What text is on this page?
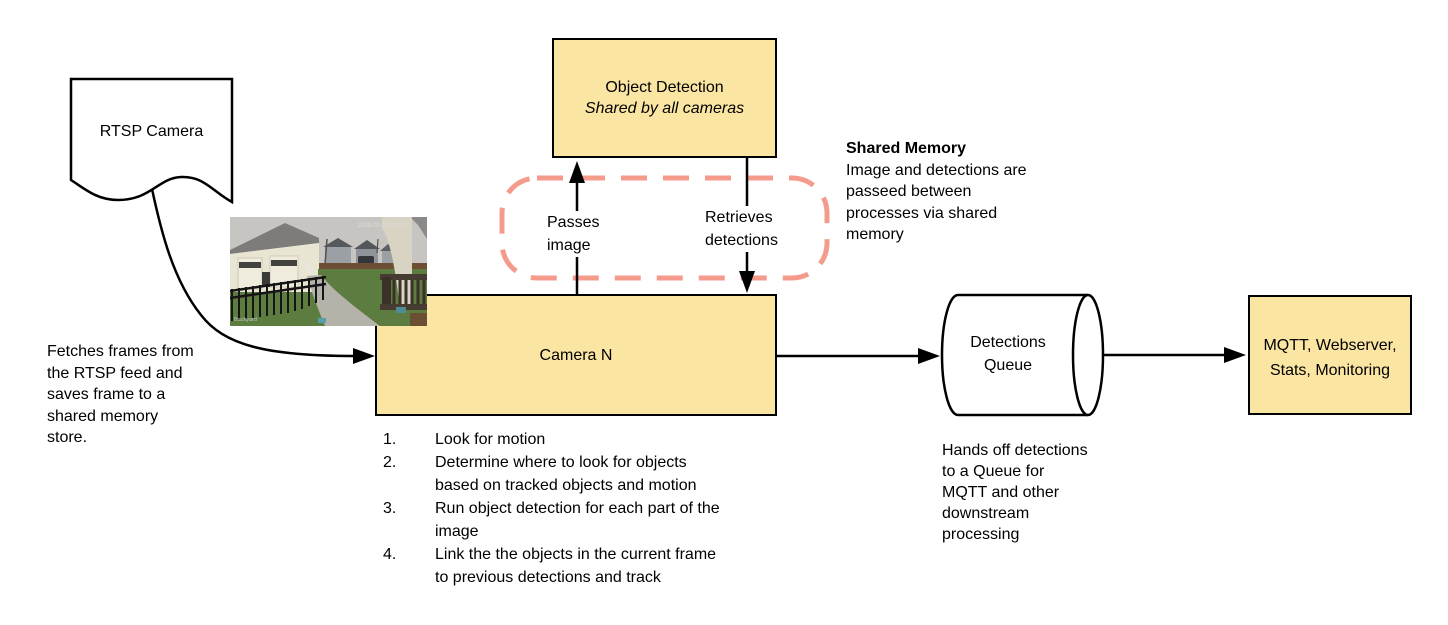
Object Detection
Shared by all cameras
Camera N
MQTT, Webserver,
Stats, Monitoring
RTSP Camera
Detections
Queue
Passes
image
Retrieves
detections
Fetches frames from
the RTSP feed and
saves frame to a
shared memory
store.
Shared Memory
Image and detections are
passeed between
processes via shared
memory
Hands off detections
to a Queue for
MQTT and other
downstream
processing
1.	Look for motion
2.	Determine where to look for objects
based on tracked objects and motion
3.	Run object detection for each part of the
image
4.	Link the the objects in the current frame
to previous detections and track
2018-03-06 00:00
Backyard
